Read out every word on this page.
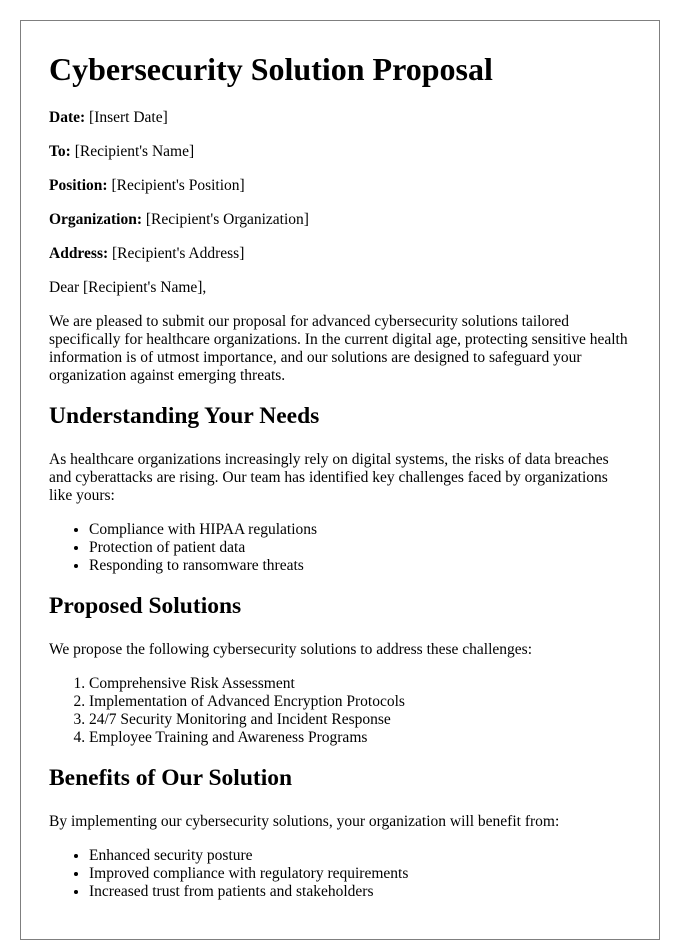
Cybersecurity Solution Proposal
Date: [Insert Date]
To: [Recipient's Name]
Position: [Recipient's Position]
Organization: [Recipient's Organization]
Address: [Recipient's Address]
Dear [Recipient's Name],

We are pleased to submit our proposal for advanced cybersecurity solutions tailored specifically for healthcare organizations. In the current digital age, protecting sensitive health information is of utmost importance, and our solutions are designed to safeguard your organization against emerging threats.

Understanding Your Needs

As healthcare organizations increasingly rely on digital systems, the risks of data breaches and cyberattacks are rising. Our team has identified key challenges faced by organizations like yours:

• Compliance with HIPAA regulations
• Protection of patient data
• Responding to ransomware threats
Proposed Solutions

We propose the following cybersecurity solutions to address these challenges:

1. Comprehensive Risk Assessment
2. Implementation of Advanced Encryption Protocols
3. 24/7 Security Monitoring and Incident Response
4. Employee Training and Awareness Programs
Benefits of Our Solution

By implementing our cybersecurity solutions, your organization will benefit from:

• Enhanced security posture
• Improved compliance with regulatory requirements
• Increased trust from patients and stakeholders
